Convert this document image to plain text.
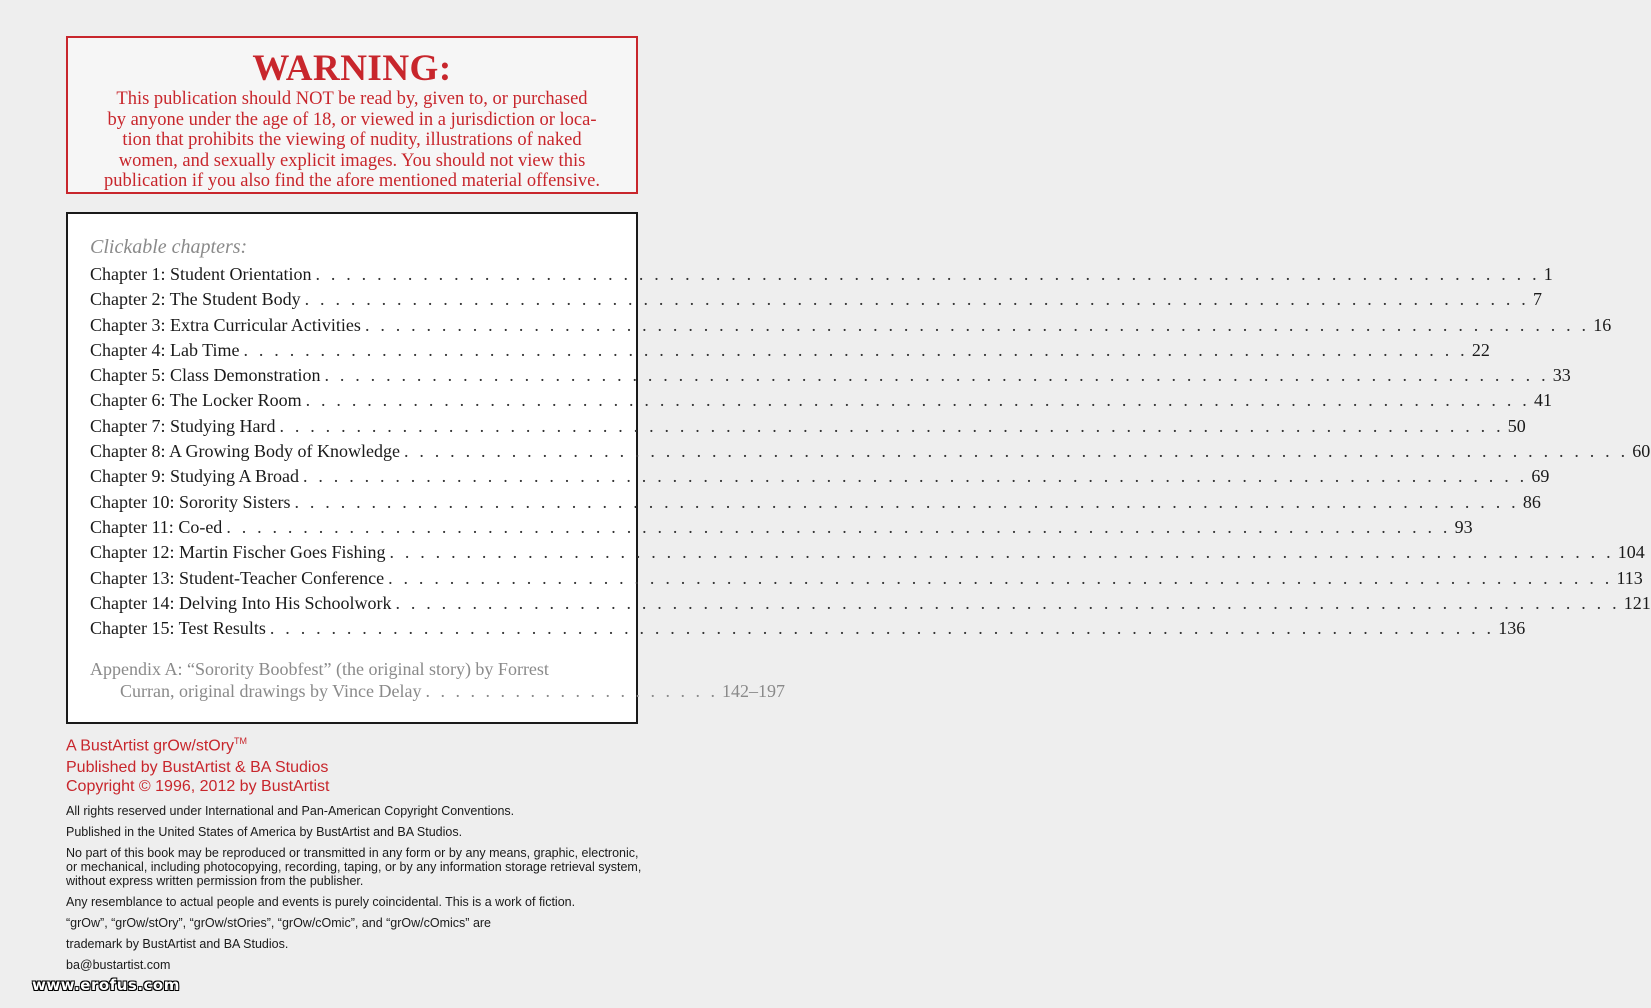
WARNING:
This publication should NOT be read by, given to, or purchased
by anyone under the age of 18, or viewed in a jurisdiction or loca-
tion that prohibits the viewing of nudity, illustrations of naked
women, and sexually explicit images. You should not view this
publication if you also find the afore mentioned material offensive.
Clickable chapters:
Chapter 1: Student Orientation . . . . . . . . . . . . . . . . . . . . . . . . . . . . . . . . . . . . . . . . . . . . . . . . . . . . . . . . . . . . . . . . . . . . . . . . . . . . . . . . 1
Chapter 2: The Student Body . . . . . . . . . . . . . . . . . . . . . . . . . . . . . . . . . . . . . . . . . . . . . . . . . . . . . . . . . . . . . . . . . . . . . . . . . . . . . . . . 7
Chapter 3: Extra Curricular Activities . . . . . . . . . . . . . . . . . . . . . . . . . . . . . . . . . . . . . . . . . . . . . . . . . . . . . . . . . . . . . . . . . . . . . . . . . . . . . . . . 16
Chapter 4: Lab Time . . . . . . . . . . . . . . . . . . . . . . . . . . . . . . . . . . . . . . . . . . . . . . . . . . . . . . . . . . . . . . . . . . . . . . . . . . . . . . . . 22
Chapter 5: Class Demonstration . . . . . . . . . . . . . . . . . . . . . . . . . . . . . . . . . . . . . . . . . . . . . . . . . . . . . . . . . . . . . . . . . . . . . . . . . . . . . . . . 33
Chapter 6: The Locker Room . . . . . . . . . . . . . . . . . . . . . . . . . . . . . . . . . . . . . . . . . . . . . . . . . . . . . . . . . . . . . . . . . . . . . . . . . . . . . . . . 41
Chapter 7: Studying Hard . . . . . . . . . . . . . . . . . . . . . . . . . . . . . . . . . . . . . . . . . . . . . . . . . . . . . . . . . . . . . . . . . . . . . . . . . . . . . . . . 50
Chapter 8: A Growing Body of Knowledge . . . . . . . . . . . . . . . . . . . . . . . . . . . . . . . . . . . . . . . . . . . . . . . . . . . . . . . . . . . . . . . . . . . . . . . . . . . . . . . . 60
Chapter 9: Studying A Broad . . . . . . . . . . . . . . . . . . . . . . . . . . . . . . . . . . . . . . . . . . . . . . . . . . . . . . . . . . . . . . . . . . . . . . . . . . . . . . . . 69
Chapter 10: Sorority Sisters . . . . . . . . . . . . . . . . . . . . . . . . . . . . . . . . . . . . . . . . . . . . . . . . . . . . . . . . . . . . . . . . . . . . . . . . . . . . . . . . 86
Chapter 11: Co-ed . . . . . . . . . . . . . . . . . . . . . . . . . . . . . . . . . . . . . . . . . . . . . . . . . . . . . . . . . . . . . . . . . . . . . . . . . . . . . . . . 93
Chapter 12: Martin Fischer Goes Fishing . . . . . . . . . . . . . . . . . . . . . . . . . . . . . . . . . . . . . . . . . . . . . . . . . . . . . . . . . . . . . . . . . . . . . . . . . . . . . . . . 104
Chapter 13: Student-Teacher Conference . . . . . . . . . . . . . . . . . . . . . . . . . . . . . . . . . . . . . . . . . . . . . . . . . . . . . . . . . . . . . . . . . . . . . . . . . . . . . . . . 113
Chapter 14: Delving Into His Schoolwork . . . . . . . . . . . . . . . . . . . . . . . . . . . . . . . . . . . . . . . . . . . . . . . . . . . . . . . . . . . . . . . . . . . . . . . . . . . . . . . . 121
Chapter 15: Test Results . . . . . . . . . . . . . . . . . . . . . . . . . . . . . . . . . . . . . . . . . . . . . . . . . . . . . . . . . . . . . . . . . . . . . . . . . . . . . . . . 136
Appendix A: “Sorority Boobfest” (the original story) by Forrest
Curran, original drawings by Vince Delay . . . . . . . . . . . . . . . . . . . . 142–197
A BustArtist grOw/stOry™
Published by BustArtist & BA Studios
Copyright © 1996, 2012 by BustArtist

All rights reserved under International and Pan-American Copyright Conventions.

Published in the United States of America by BustArtist and BA Studios.

No part of this book may be reproduced or transmitted in any form or by any means, graphic, electronic, or mechanical, including photocopying, recording, taping, or by any information storage retrieval system, without express written permission from the publisher.

Any resemblance to actual people and events is purely coincidental. This is a work of fiction.

“grOw”, “grOw/stOry”, “grOw/stOries”, “grOw/cOmic”, and “grOw/cOmics” are

trademark by BustArtist and BA Studios.

ba@bustartist.com

www.erofus.com
